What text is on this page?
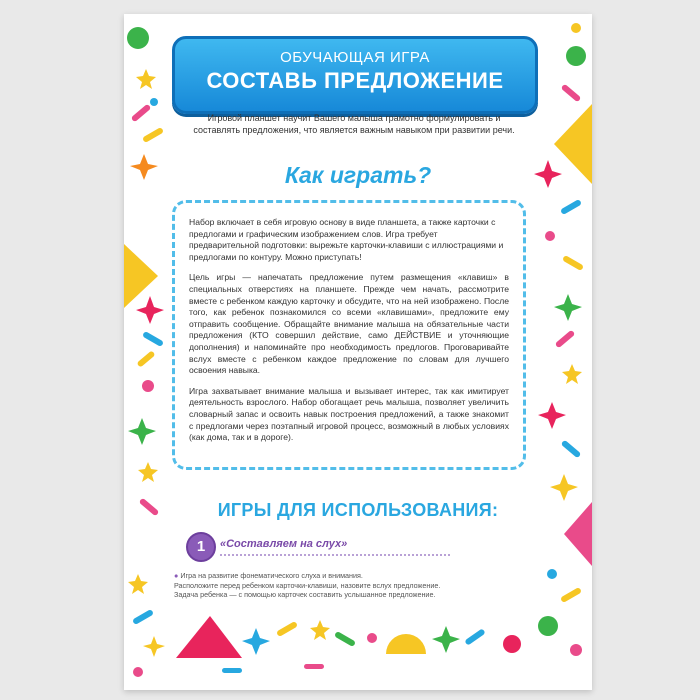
ОБУЧАЮЩАЯ ИГРА
СОСТАВЬ ПРЕДЛОЖЕНИЕ
Игровой планшет научит Вашего малыша грамотно формулировать и составлять предложения, что является важным навыком при развитии речи.
Как играть?

Набор включает в себя игровую основу в виде планшета, а также карточки с предлогами и графическим изображением слов. Игра требует предварительной подготовки: вырежьте карточки-клавиши с иллюстрациями и предлогами по контуру. Можно приступать!

Цель игры — напечатать предложение путем размещения «клавиш» в специальных отверстиях на планшете. Прежде чем начать, рассмотрите вместе с ребенком каждую карточку и обсудите, что на ней изображено. После того, как ребенок познакомился со всеми «клавишами», предложите ему отправить сообщение. Обращайте внимание малыша на обязательные части предложения (КТО совершил действие, само ДЕЙСТВИЕ и уточняющие дополнения) и напоминайте про необходимость предлогов. Проговаривайте вслух вместе с ребенком каждое предложение по словам для лучшего освоения навыка.

Игра захватывает внимание малыша и вызывает интерес, так как имитирует деятельность взрослого. Набор обогащает речь малыша, позволяет увеличить словарный запас и освоить навык построения предложений, а также знакомит с предлогами через поэтапный игровой процесс, возможный в любых условиях (как дома, так и в дороге).

ИГРЫ ДЛЯ ИСПОЛЬЗОВАНИЯ:
1	«Составляем на слух»
● Игра на развитие фонематического слуха и внимания.
Расположите перед ребенком карточки-клавиши, назовите вслух предложение.
Задача ребенка — с помощью карточек составить услышанное предложение.
